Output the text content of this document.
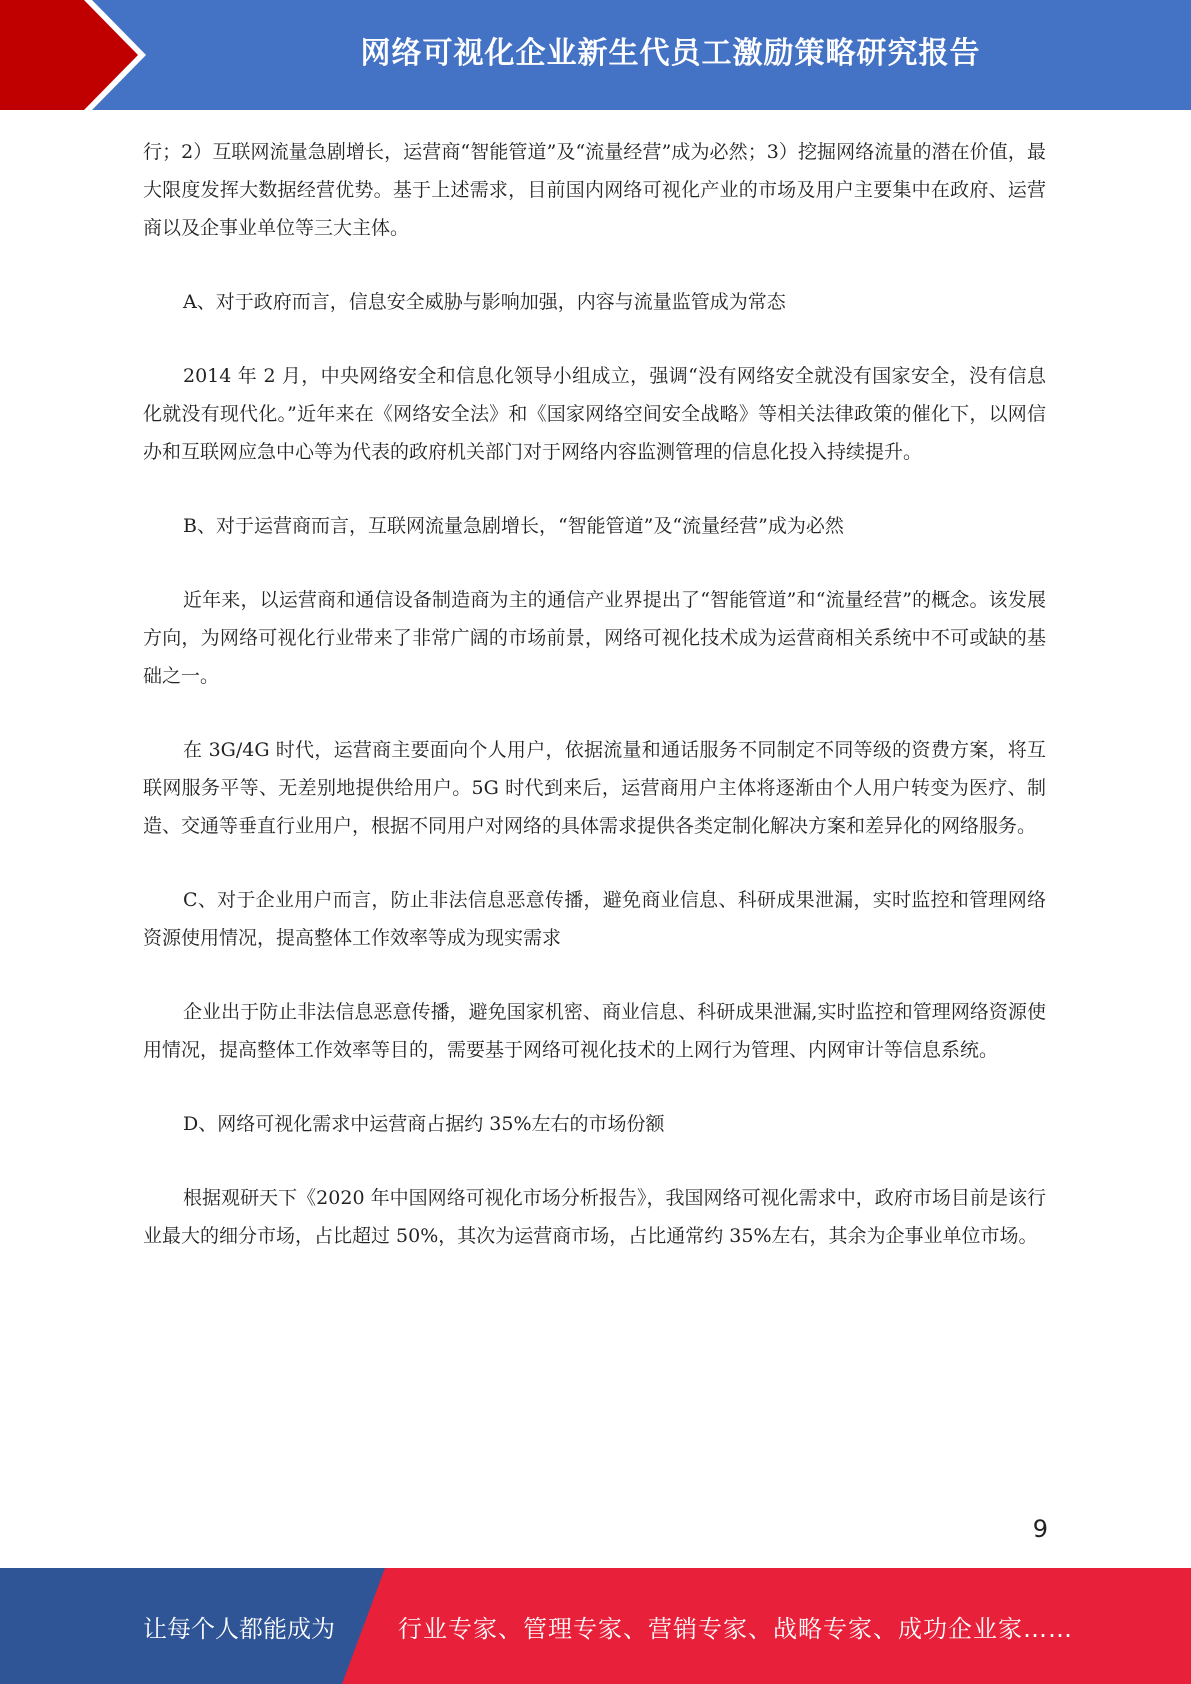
网络可视化企业新生代员工激励策略研究报告

行；2）互联网流量急剧增长，运营商“智能管道”及“流量经营”成为必然；3）挖掘网络流量的潜在价值，最大限度发挥大数据经营优势。基于上述需求，目前国内网络可视化产业的市场及用户主要集中在政府、运营商以及企事业单位等三大主体。

A、对于政府而言，信息安全威胁与影响加强，内容与流量监管成为常态

2014 年 2 月，中央网络安全和信息化领导小组成立，强调“没有网络安全就没有国家安全，没有信息化就没有现代化。”近年来在《网络安全法》和《国家网络空间安全战略》等相关法律政策的催化下，以网信办和互联网应急中心等为代表的政府机关部门对于网络内容监测管理的信息化投入持续提升。

B、对于运营商而言，互联网流量急剧增长，“智能管道”及“流量经营”成为必然

近年来，以运营商和通信设备制造商为主的通信产业界提出了“智能管道”和“流量经营”的概念。该发展方向，为网络可视化行业带来了非常广阔的市场前景，网络可视化技术成为运营商相关系统中不可或缺的基础之一。

在 3G/4G 时代，运营商主要面向个人用户，依据流量和通话服务不同制定不同等级的资费方案，将互联网服务平等、无差别地提供给用户。5G 时代到来后，运营商用户主体将逐渐由个人用户转变为医疗、制造、交通等垂直行业用户，根据不同用户对网络的具体需求提供各类定制化解决方案和差异化的网络服务。

C、对于企业用户而言，防止非法信息恶意传播，避免商业信息、科研成果泄漏，实时监控和管理网络资源使用情况，提高整体工作效率等成为现实需求

企业出于防止非法信息恶意传播，避免国家机密、商业信息、科研成果泄漏,实时监控和管理网络资源使用情况，提高整体工作效率等目的，需要基于网络可视化技术的上网行为管理、内网审计等信息系统。

D、网络可视化需求中运营商占据约 35%左右的市场份额

根据观研天下《2020 年中国网络可视化市场分析报告》，我国网络可视化需求中，政府市场目前是该行业最大的细分市场，占比超过 50%，其次为运营商市场，占比通常约 35%左右，其余为企事业单位市场。

9
让每个人都能成为	行业专家、管理专家、营销专家、战略专家、成功企业家……
